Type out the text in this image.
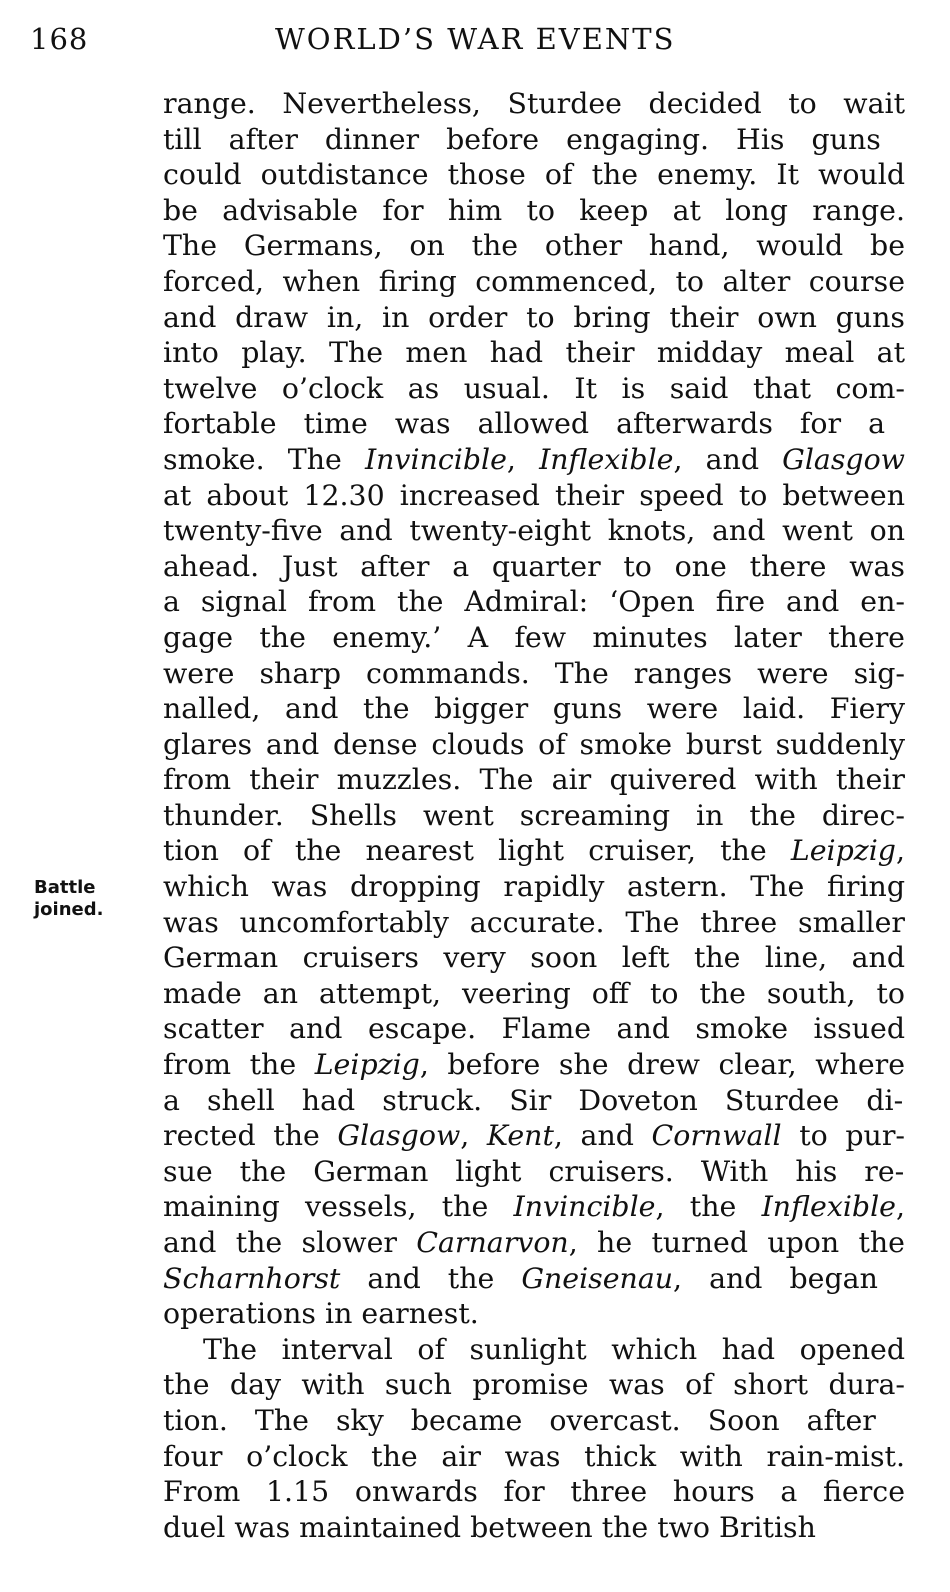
168	WORLD’S WAR EVENTS
Battle
joined.
range. Nevertheless, Sturdee decided to wait
till after dinner before engaging. His guns
could outdistance those of the enemy. It would
be advisable for him to keep at long range.
The Germans, on the other hand, would be
forced, when firing commenced, to alter course
and draw in, in order to bring their own guns
into play. The men had their midday meal at
twelve o’clock as usual. It is said that com-
fortable time was allowed afterwards for a
smoke. The Invincible, Inflexible, and Glasgow
at about 12.30 increased their speed to between
twenty-five and twenty-eight knots, and went on
ahead. Just after a quarter to one there was
a signal from the Admiral: ‘Open fire and en-
gage the enemy.’ A few minutes later there
were sharp commands. The ranges were sig-
nalled, and the bigger guns were laid. Fiery
glares and dense clouds of smoke burst suddenly
from their muzzles. The air quivered with their
thunder. Shells went screaming in the direc-
tion of the nearest light cruiser, the Leipzig,
which was dropping rapidly astern. The firing
was uncomfortably accurate. The three smaller
German cruisers very soon left the line, and
made an attempt, veering off to the south, to
scatter and escape. Flame and smoke issued
from the Leipzig, before she drew clear, where
a shell had struck. Sir Doveton Sturdee di-
rected the Glasgow, Kent, and Cornwall to pur-
sue the German light cruisers. With his re-
maining vessels, the Invincible, the Inflexible,
and the slower Carnarvon, he turned upon the
Scharnhorst and the Gneisenau, and began
operations in earnest.
The interval of sunlight which had opened
the day with such promise was of short dura-
tion. The sky became overcast. Soon after
four o’clock the air was thick with rain-mist.
From 1.15 onwards for three hours a fierce
duel was maintained between the two British
